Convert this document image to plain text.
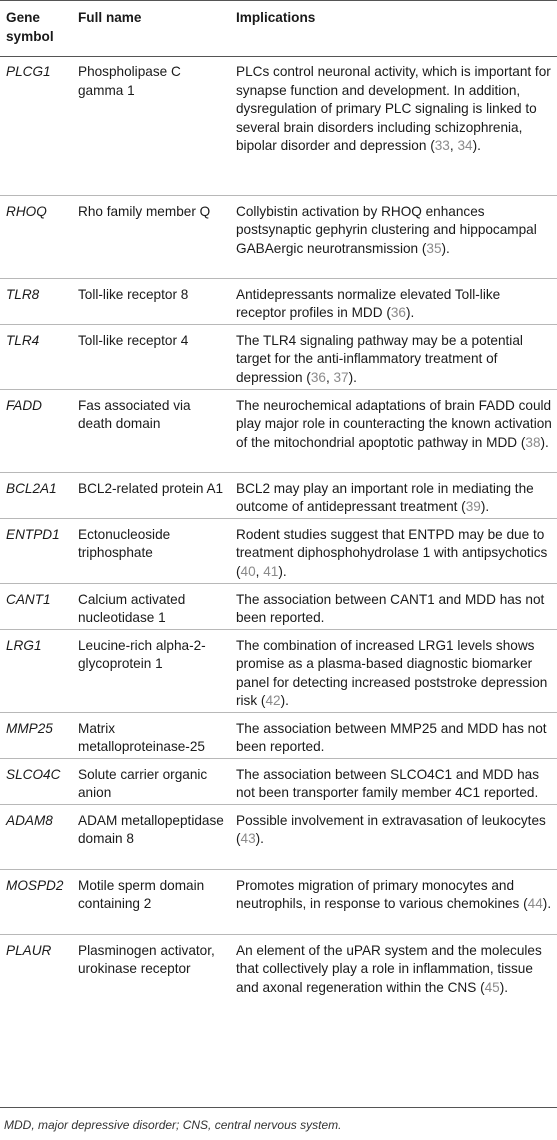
Gene symbol	Full name	Implications
PLCG1	Phospholipase C gamma 1	PLCs control neuronal activity, which is important for synapse function and development. In addition, dysregulation of primary PLC signaling is linked to several brain disorders including schizophrenia, bipolar disorder and depression (33, 34).
RHOQ	Rho family member Q	Collybistin activation by RHOQ enhances postsynaptic gephyrin clustering and hippocampal GABAergic neurotransmission (35).
TLR8	Toll-like receptor 8	Antidepressants normalize elevated Toll-like receptor profiles in MDD (36).
TLR4	Toll-like receptor 4	The TLR4 signaling pathway may be a potential target for the anti-inflammatory treatment of depression (36, 37).
FADD	Fas associated via death domain	The neurochemical adaptations of brain FADD could play major role in counteracting the known activation of the mitochondrial apoptotic pathway in MDD (38).
BCL2A1	BCL2-related protein A1	BCL2 may play an important role in mediating the outcome of antidepressant treatment (39).
ENTPD1	Ectonucleoside triphosphate	Rodent studies suggest that ENTPD may be due to treatment diphosphohydrolase 1 with antipsychotics (40, 41).
CANT1	Calcium activated nucleotidase 1	The association between CANT1 and MDD has not been reported.
LRG1	Leucine-rich alpha-2-glycoprotein 1	The combination of increased LRG1 levels shows promise as a plasma-based diagnostic biomarker panel for detecting increased poststroke depression risk (42).
MMP25	Matrix metalloproteinase-25	The association between MMP25 and MDD has not been reported.
SLCO4C	Solute carrier organic anion	The association between SLCO4C1 and MDD has not been transporter family member 4C1 reported.
ADAM8	ADAM metallopeptidase domain 8	Possible involvement in extravasation of leukocytes (43).
MOSPD2	Motile sperm domain containing 2	Promotes migration of primary monocytes and neutrophils, in response to various chemokines (44).
PLAUR	Plasminogen activator, urokinase receptor	An element of the uPAR system and the molecules that collectively play a role in inflammation, tissue and axonal regeneration within the CNS (45).
MDD, major depressive disorder; CNS, central nervous system.
